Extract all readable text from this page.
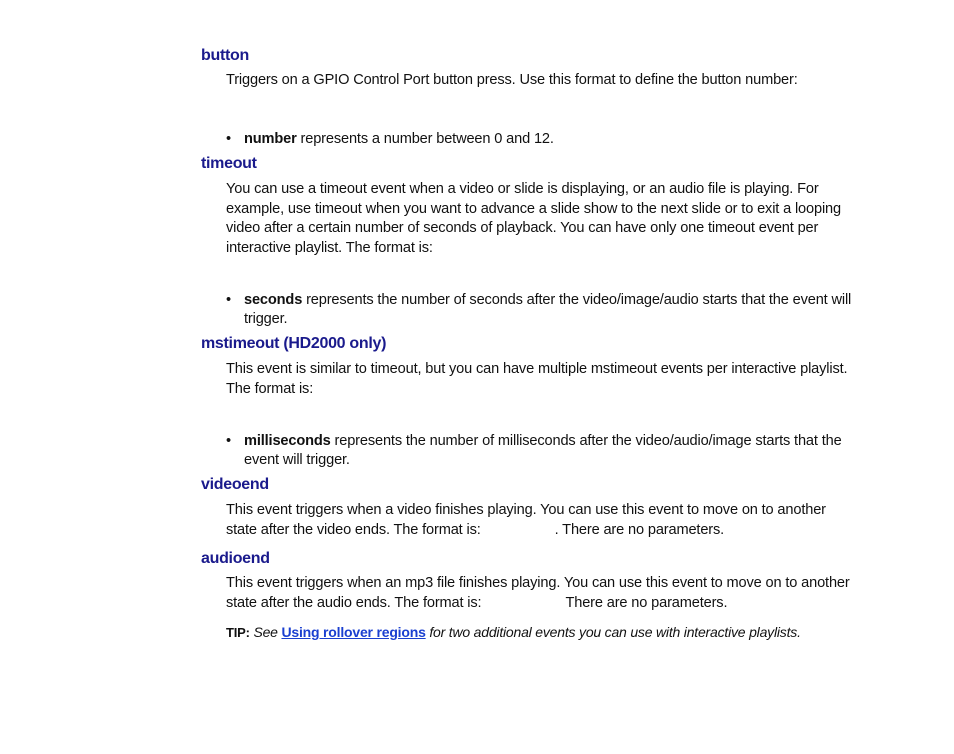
button
Triggers on a GPIO Control Port button press. Use this format to define the button number:
• number represents a number between 0 and 12.
timeout
You can use a timeout event when a video or slide is displaying, or an audio file is playing. For example, use timeout when you want to advance a slide show to the next slide or to exit a looping video after a certain number of seconds of playback. You can have only one timeout event per interactive playlist. The format is:
• seconds represents the number of seconds after the video/image/audio starts that the event will trigger.
mstimeout (HD2000 only)
This event is similar to timeout, but you can have multiple mstimeout events per interactive playlist. The format is:
• milliseconds represents the number of milliseconds after the video/audio/image starts that the event will trigger.
videoend
This event triggers when a video finishes playing. You can use this event to move on to another state after the video ends. The format is:	. There are no parameters.
audioend
This event triggers when an mp3 file finishes playing. You can use this event to move on to another state after the audio ends. The format is:	There are no parameters.
TIP: See Using rollover regions for two additional events you can use with interactive playlists.
